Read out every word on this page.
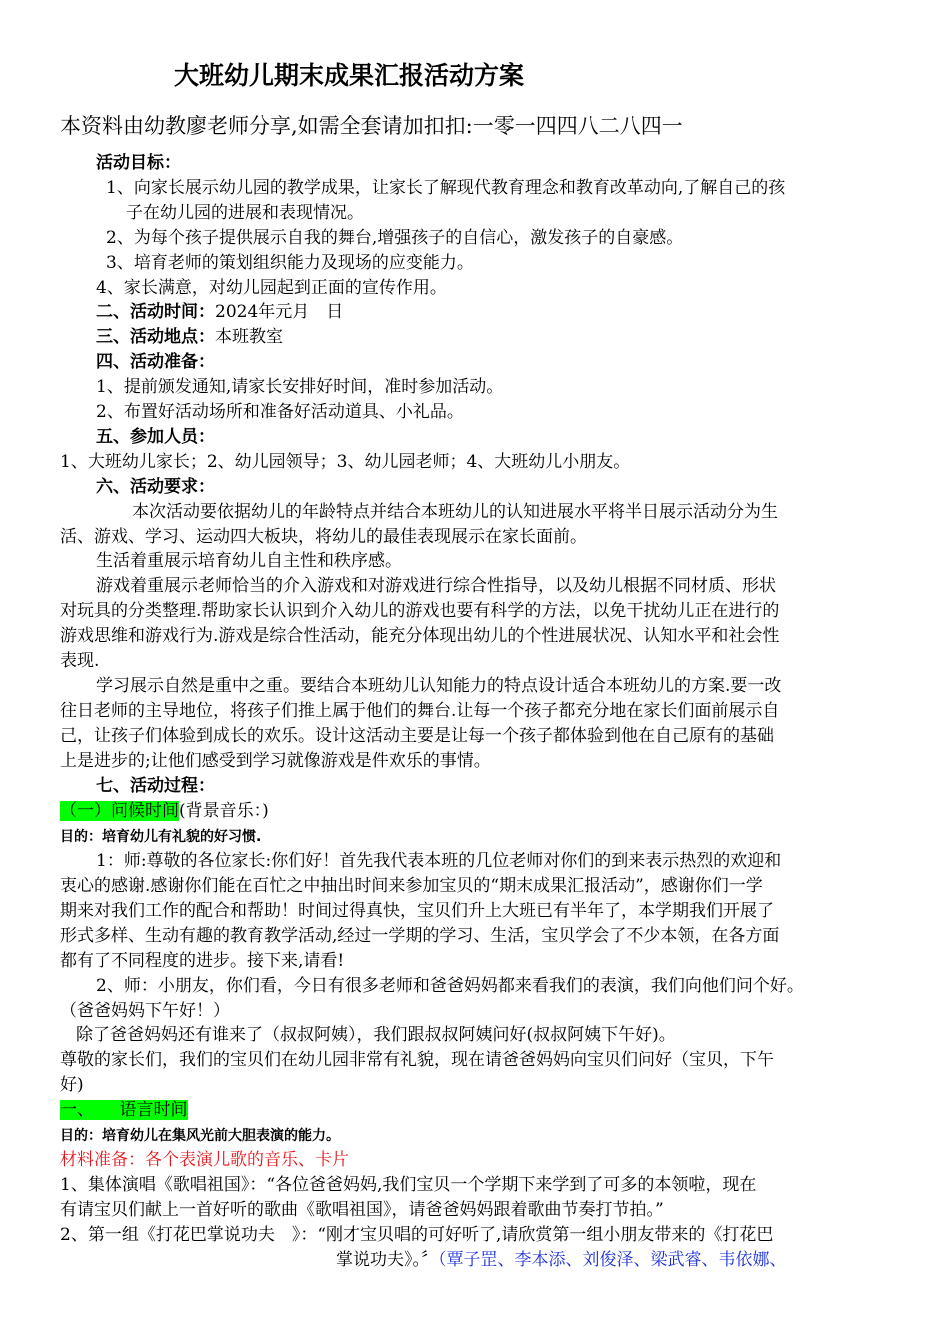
大班幼儿期末成果汇报活动方案
本资料由幼教廖老师分享,如需全套请加扣扣:一零一四四八二八四一
活动目标：
1、向家长展示幼儿园的教学成果，让家长了解现代教育理念和教育改革动向,了解自己的孩
子在幼儿园的进展和表现情况。
2、为每个孩子提供展示自我的舞台,增强孩子的自信心，激发孩子的自豪感。
3、培育老师的策划组织能力及现场的应变能力。
4、家长满意，对幼儿园起到正面的宣传作用。
二、活动时间：2024年元月　日
三、活动地点：本班教室
四、活动准备：
1、提前颁发通知,请家长安排好时间，准时参加活动。
2、布置好活动场所和准备好活动道具、小礼品。
五、参加人员：
1、大班幼儿家长；2、幼儿园领导；3、幼儿园老师；4、大班幼儿小朋友。
六、活动要求：
本次活动要依据幼儿的年龄特点并结合本班幼儿的认知进展水平将半日展示活动分为生
活、游戏、学习、运动四大板块，将幼儿的最佳表现展示在家长面前。
生活着重展示培育幼儿自主性和秩序感。
游戏着重展示老师恰当的介入游戏和对游戏进行综合性指导，以及幼儿根据不同材质、形状
对玩具的分类整理.帮助家长认识到介入幼儿的游戏也要有科学的方法，以免干扰幼儿正在进行的
游戏思维和游戏行为.游戏是综合性活动，能充分体现出幼儿的个性进展状况、认知水平和社会性
表现.
学习展示自然是重中之重。要结合本班幼儿认知能力的特点设计适合本班幼儿的方案.要一改
往日老师的主导地位，将孩子们推上属于他们的舞台.让每一个孩子都充分地在家长们面前展示自
己，让孩子们体验到成长的欢乐。设计这活动主要是让每一个孩子都体验到他在自己原有的基础
上是进步的;让他们感受到学习就像游戏是件欢乐的事情。
七、活动过程：
（一）问候时间(背景音乐：)
目的：培育幼儿有礼貌的好习惯.
1：师:尊敬的各位家长:你们好！首先我代表本班的几位老师对你们的到来表示热烈的欢迎和
衷心的感谢.感谢你们能在百忙之中抽出时间来参加宝贝的“期末成果汇报活动”，感谢你们一学
期来对我们工作的配合和帮助！时间过得真快，宝贝们升上大班已有半年了，本学期我们开展了
形式多样、生动有趣的教育教学活动,经过一学期的学习、生活，宝贝学会了不少本领，在各方面
都有了不同程度的进步。接下来,请看!
2、师：小朋友，你们看，今日有很多老师和爸爸妈妈都来看我们的表演，我们向他们问个好。
（爸爸妈妈下午好！）
除了爸爸妈妈还有谁来了（叔叔阿姨），我们跟叔叔阿姨问好(叔叔阿姨下午好)。
尊敬的家长们，我们的宝贝们在幼儿园非常有礼貌，现在请爸爸妈妈向宝贝们问好（宝贝，下午
好)
一、　　语言时间
目的：培育幼儿在集风光前大胆表演的能力。
材料准备：各个表演儿歌的音乐、卡片
1、集体演唱《歌唱祖国》：“各位爸爸妈妈,我们宝贝一个学期下来学到了可多的本领啦，现在
有请宝贝们献上一首好听的歌曲《歌唱祖国》，请爸爸妈妈跟着歌曲节奏打节拍。”
2、第一组《打花巴掌说功夫　》：“刚才宝贝唱的可好听了,请欣赏第一组小朋友带来的《打花巴
掌说功夫》。〞（覃子罡、李本添、刘俊泽、梁武睿、韦依娜、
